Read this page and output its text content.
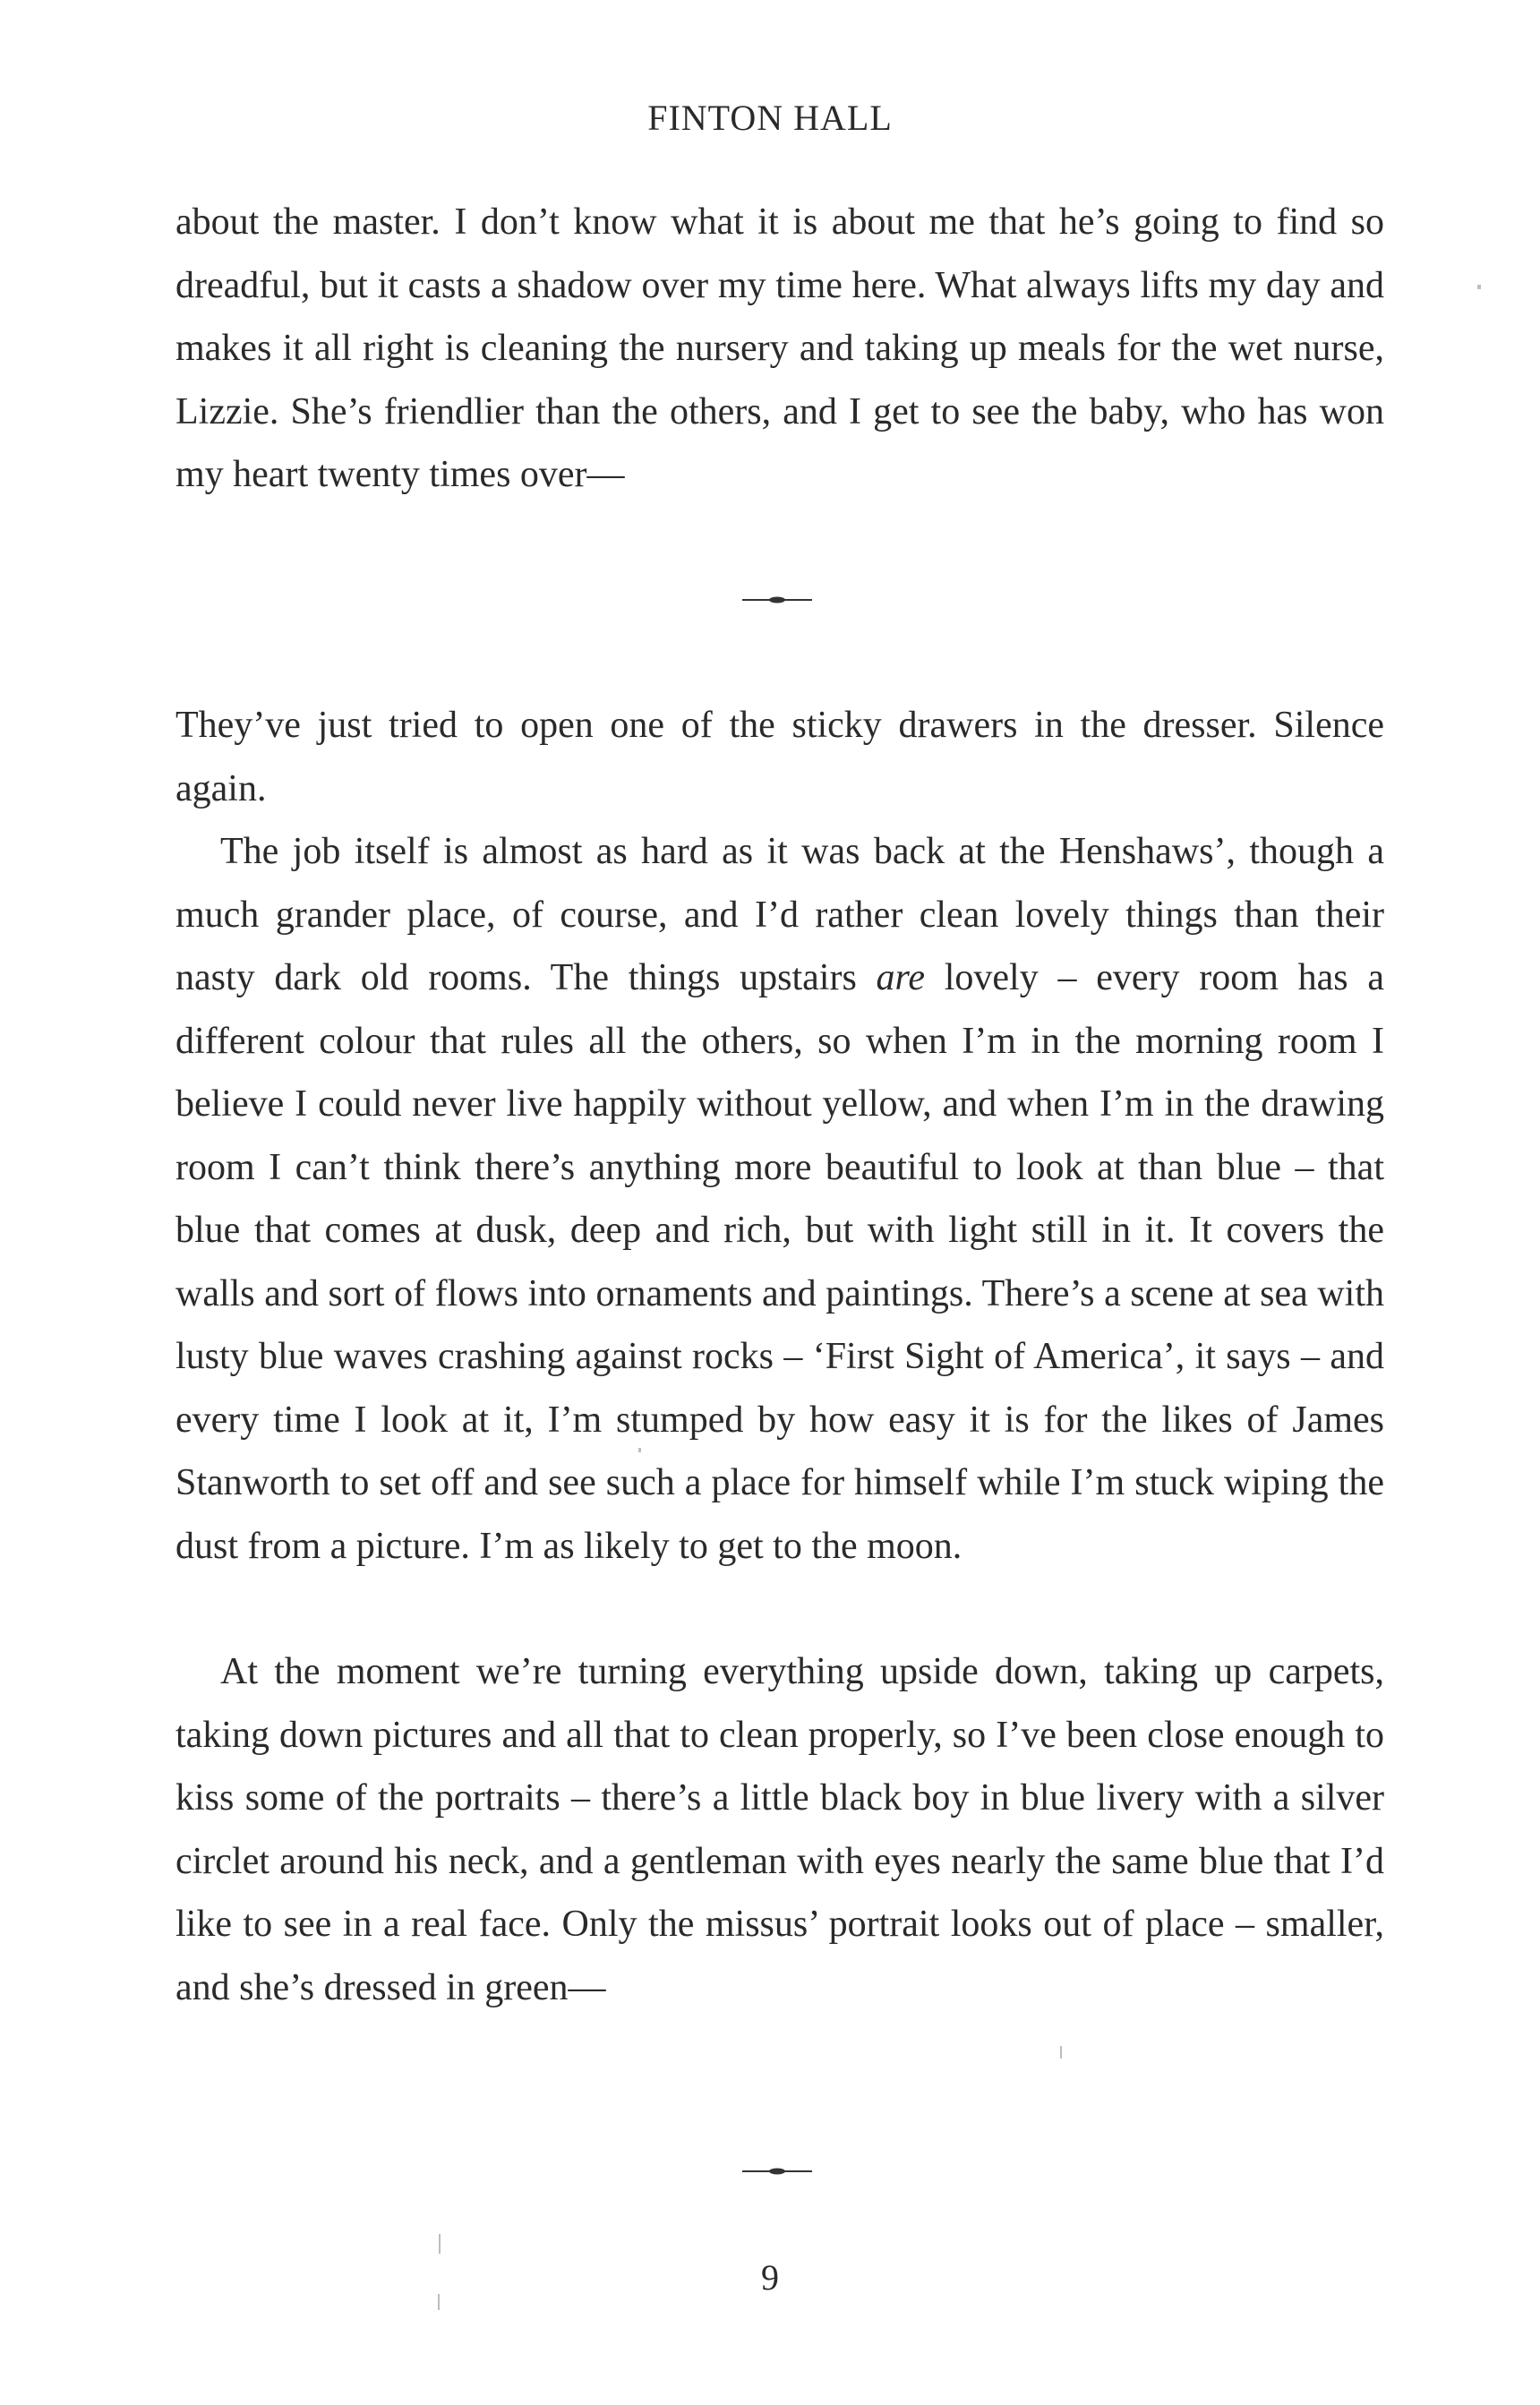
FINTON HALL

about the master. I don’t know what it is about me that he’s going to find so dreadful, but it casts a shadow over my time here. What always lifts my day and makes it all right is cleaning the nursery and taking up meals for the wet nurse, Lizzie. She’s friendlier than the others, and I get to see the baby, who has won my heart twenty times over—

They’ve just tried to open one of the sticky drawers in the dresser. Silence again.

The job itself is almost as hard as it was back at the Henshaws’, though a much grander place, of course, and I’d rather clean lovely things than their nasty dark old rooms. The things upstairs are lovely – every room has a different colour that rules all the others, so when I’m in the morning room I believe I could never live happily without yellow, and when I’m in the drawing room I can’t think there’s anything more beautiful to look at than blue – that blue that comes at dusk, deep and rich, but with light still in it. It covers the walls and sort of flows into ornaments and paintings. There’s a scene at sea with lusty blue waves crashing against rocks – ‘First Sight of America’, it says – and every time I look at it, I’m stumped by how easy it is for the likes of James Stanworth to set off and see such a place for himself while I’m stuck wiping the dust from a picture. I’m as likely to get to the moon.

At the moment we’re turning everything upside down, taking up carpets, taking down pictures and all that to clean properly, so I’ve been close enough to kiss some of the portraits – there’s a little black boy in blue livery with a silver circlet around his neck, and a gentleman with eyes nearly the same blue that I’d like to see in a real face. Only the missus’ portrait looks out of place – smaller, and she’s dressed in green—

9
